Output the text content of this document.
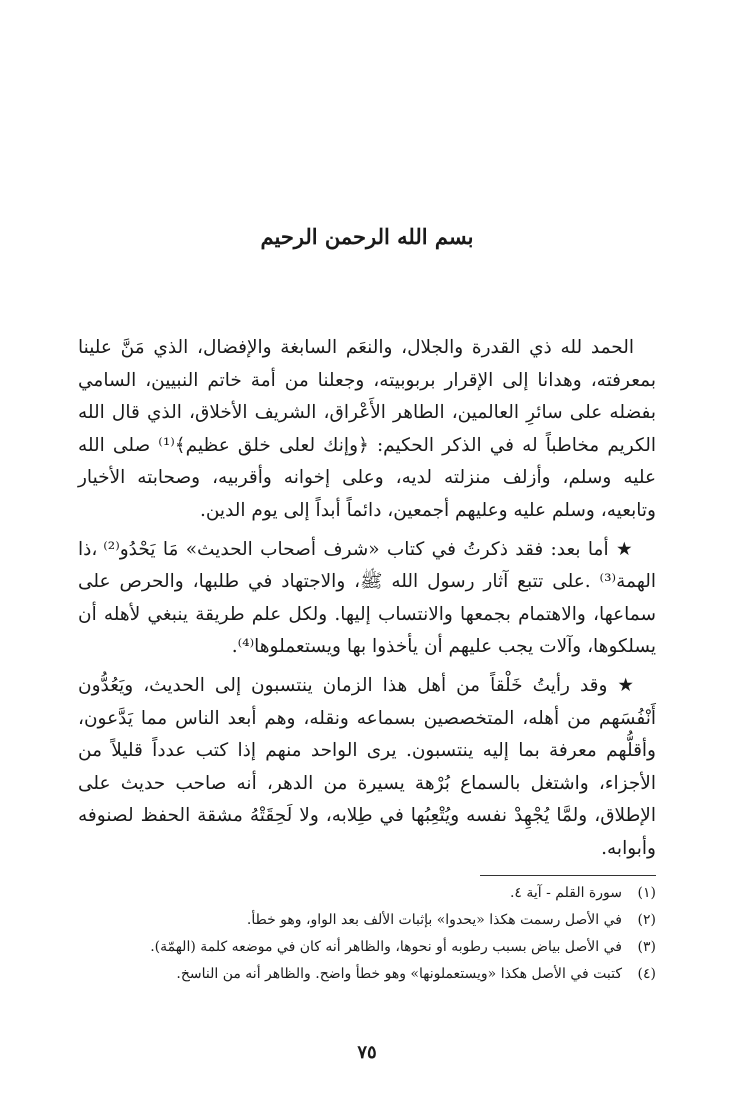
بسم الله الرحمن الرحيم

الحمد لله ذي القدرة والجلال، والنعَم السابغة والإفضال، الذي مَنَّ علينا بمعرفته، وهدانا إلى الإقرار بربوبيته، وجعلنا من أمة خاتم النبيين، السامي بفضله على سائرِ العالمين، الطاهر الأَعْراق، الشريف الأخلاق، الذي قال الله الكريم مخاطباً له في الذكر الحكيم: ﴿وإنك لعلى خلق عظيم﴾⁽¹⁾ صلى الله عليه وسلم، وأزلف منزلته لديه، وعلى إخوانه وأقربيه، وصحابته الأخيار وتابعيه، وسلم عليه وعليهم أجمعين، دائماً أبداً إلى يوم الدين.

★ أما بعد: فقد ذكرتُ في كتاب «شرف أصحاب الحديث» مَا يَحْدُو⁽²⁾ ،ذا الهمة⁽³⁾ .على تتبع آثار رسول الله ﷺ، والاجتهاد في طلبها، والحرص على سماعها، والاهتمام بجمعها والانتساب إليها. ولكل علم طريقة ينبغي لأهله أن يسلكوها، وآلات يجب عليهم أن يأخذوا بها ويستعملوها⁽⁴⁾.

★ وقد رأيتُ خَلْقاً من أهل هذا الزمان ينتسبون إلى الحديث، ويَعُدُّون أَنْفُسَهم من أهله، المتخصصين بسماعه ونقله، وهم أبعد الناس مما يَدَّعون، وأقلُّهم معرفة بما إليه ينتسبون. يرى الواحد منهم إذا كتب عدداً قليلاً من الأجزاء، واشتغل بالسماع بُرْهة يسيرة من الدهر، أنه صاحب حديث على الإطلاق، ولمَّا يُجْهِدْ نفسه ويُتْعِبُها في طِلابه، ولا لَحِقَتْهُ مشقة الحفظ لصنوفه وأبوابه.

(١)
سورة القلم - آية ٤.
(٢)
في الأصل رسمت هكذا «يحدوا» بإثبات الألف بعد الواو، وهو خطأ.
(٣)
في الأصل بياض بسبب رطوبه أو نحوها، والظاهر أنه كان في موضعه كلمة (الهمّة).
(٤)
كتبت في الأصل هكذا «ويستعملونها» وهو خطأ واضح. والظاهر أنه من الناسخ.
٧٥
